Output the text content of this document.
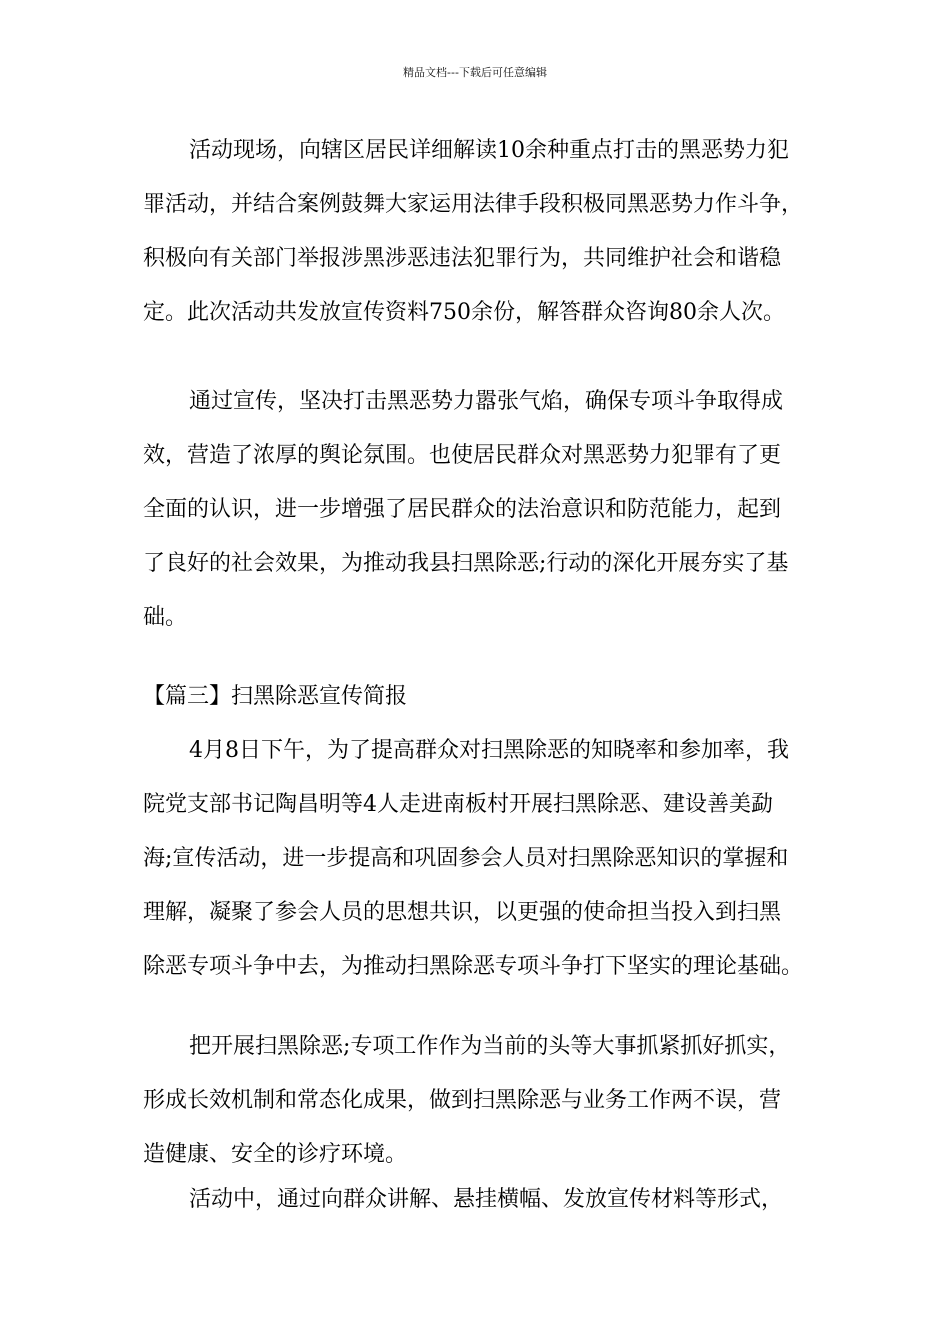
精品文档---下载后可任意编辑
活动现场，向辖区居民详细解读10余种重点打击的黑恶势力犯
罪活动，并结合案例鼓舞大家运用法律手段积极同黑恶势力作斗争，
积极向有关部门举报涉黑涉恶违法犯罪行为，共同维护社会和谐稳
定。此次活动共发放宣传资料750余份，解答群众咨询80余人次。
通过宣传，坚决打击黑恶势力嚣张气焰，确保专项斗争取得成
效，营造了浓厚的舆论氛围。也使居民群众对黑恶势力犯罪有了更
全面的认识，进一步增强了居民群众的法治意识和防范能力，起到
了良好的社会效果，为推动我县扫黑除恶;行动的深化开展夯实了基
础。
【篇三】扫黑除恶宣传简报
4月8日下午，为了提高群众对扫黑除恶的知晓率和参加率，我
院党支部书记陶昌明等4人走进南板村开展扫黑除恶、建设善美勐
海;宣传活动，进一步提高和巩固参会人员对扫黑除恶知识的掌握和
理解，凝聚了参会人员的思想共识，以更强的使命担当投入到扫黑
除恶专项斗争中去，为推动扫黑除恶专项斗争打下坚实的理论基础。
把开展扫黑除恶;专项工作作为当前的头等大事抓紧抓好抓实，
形成长效机制和常态化成果，做到扫黑除恶与业务工作两不误，营
造健康、安全的诊疗环境。
活动中，通过向群众讲解、悬挂横幅、发放宣传材料等形式，
